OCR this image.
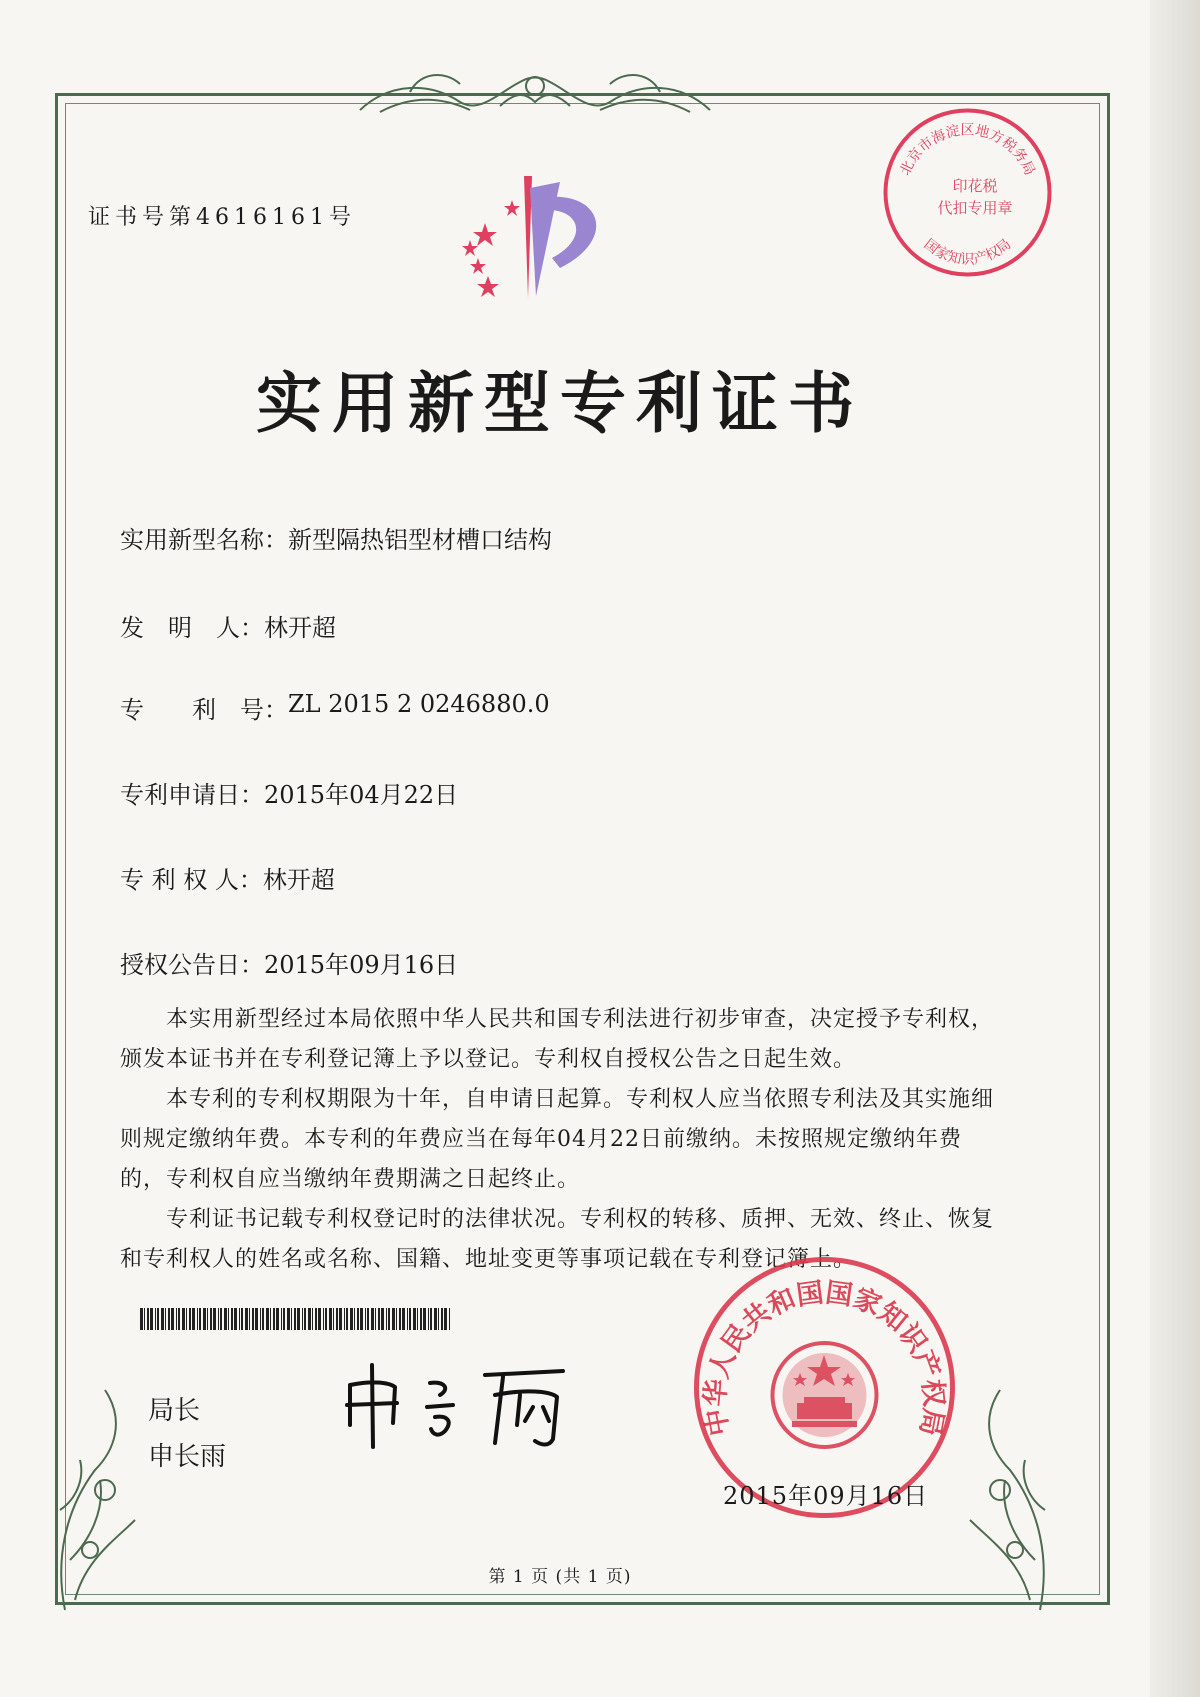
证书号第4616161号
北京市海淀区地方税务局
国家知识产权局
印花税
代扣专用章
实用新型专利证书
实用新型名称： 新型隔热铝型材槽口结构
发　明　人： 林开超
专　　利　号： ZL 2015 2 0246880.0
专利申请日： 2015年04月22日
专 利 权 人： 林开超
授权公告日： 2015年09月16日
本实用新型经过本局依照中华人民共和国专利法进行初步审查，决定授予专利权，颁发本证书并在专利登记簿上予以登记。专利权自授权公告之日起生效。
本专利的专利权期限为十年，自申请日起算。专利权人应当依照专利法及其实施细则规定缴纳年费。本专利的年费应当在每年04月22日前缴纳。未按照规定缴纳年费的，专利权自应当缴纳年费期满之日起终止。
专利证书记载专利权登记时的法律状况。专利权的转移、质押、无效、终止、恢复和专利权人的姓名或名称、国籍、地址变更等事项记载在专利登记簿上。
局长
申长雨
中华人民共和国国家知识产权局
2015年09月16日
第 1 页 (共 1 页)
